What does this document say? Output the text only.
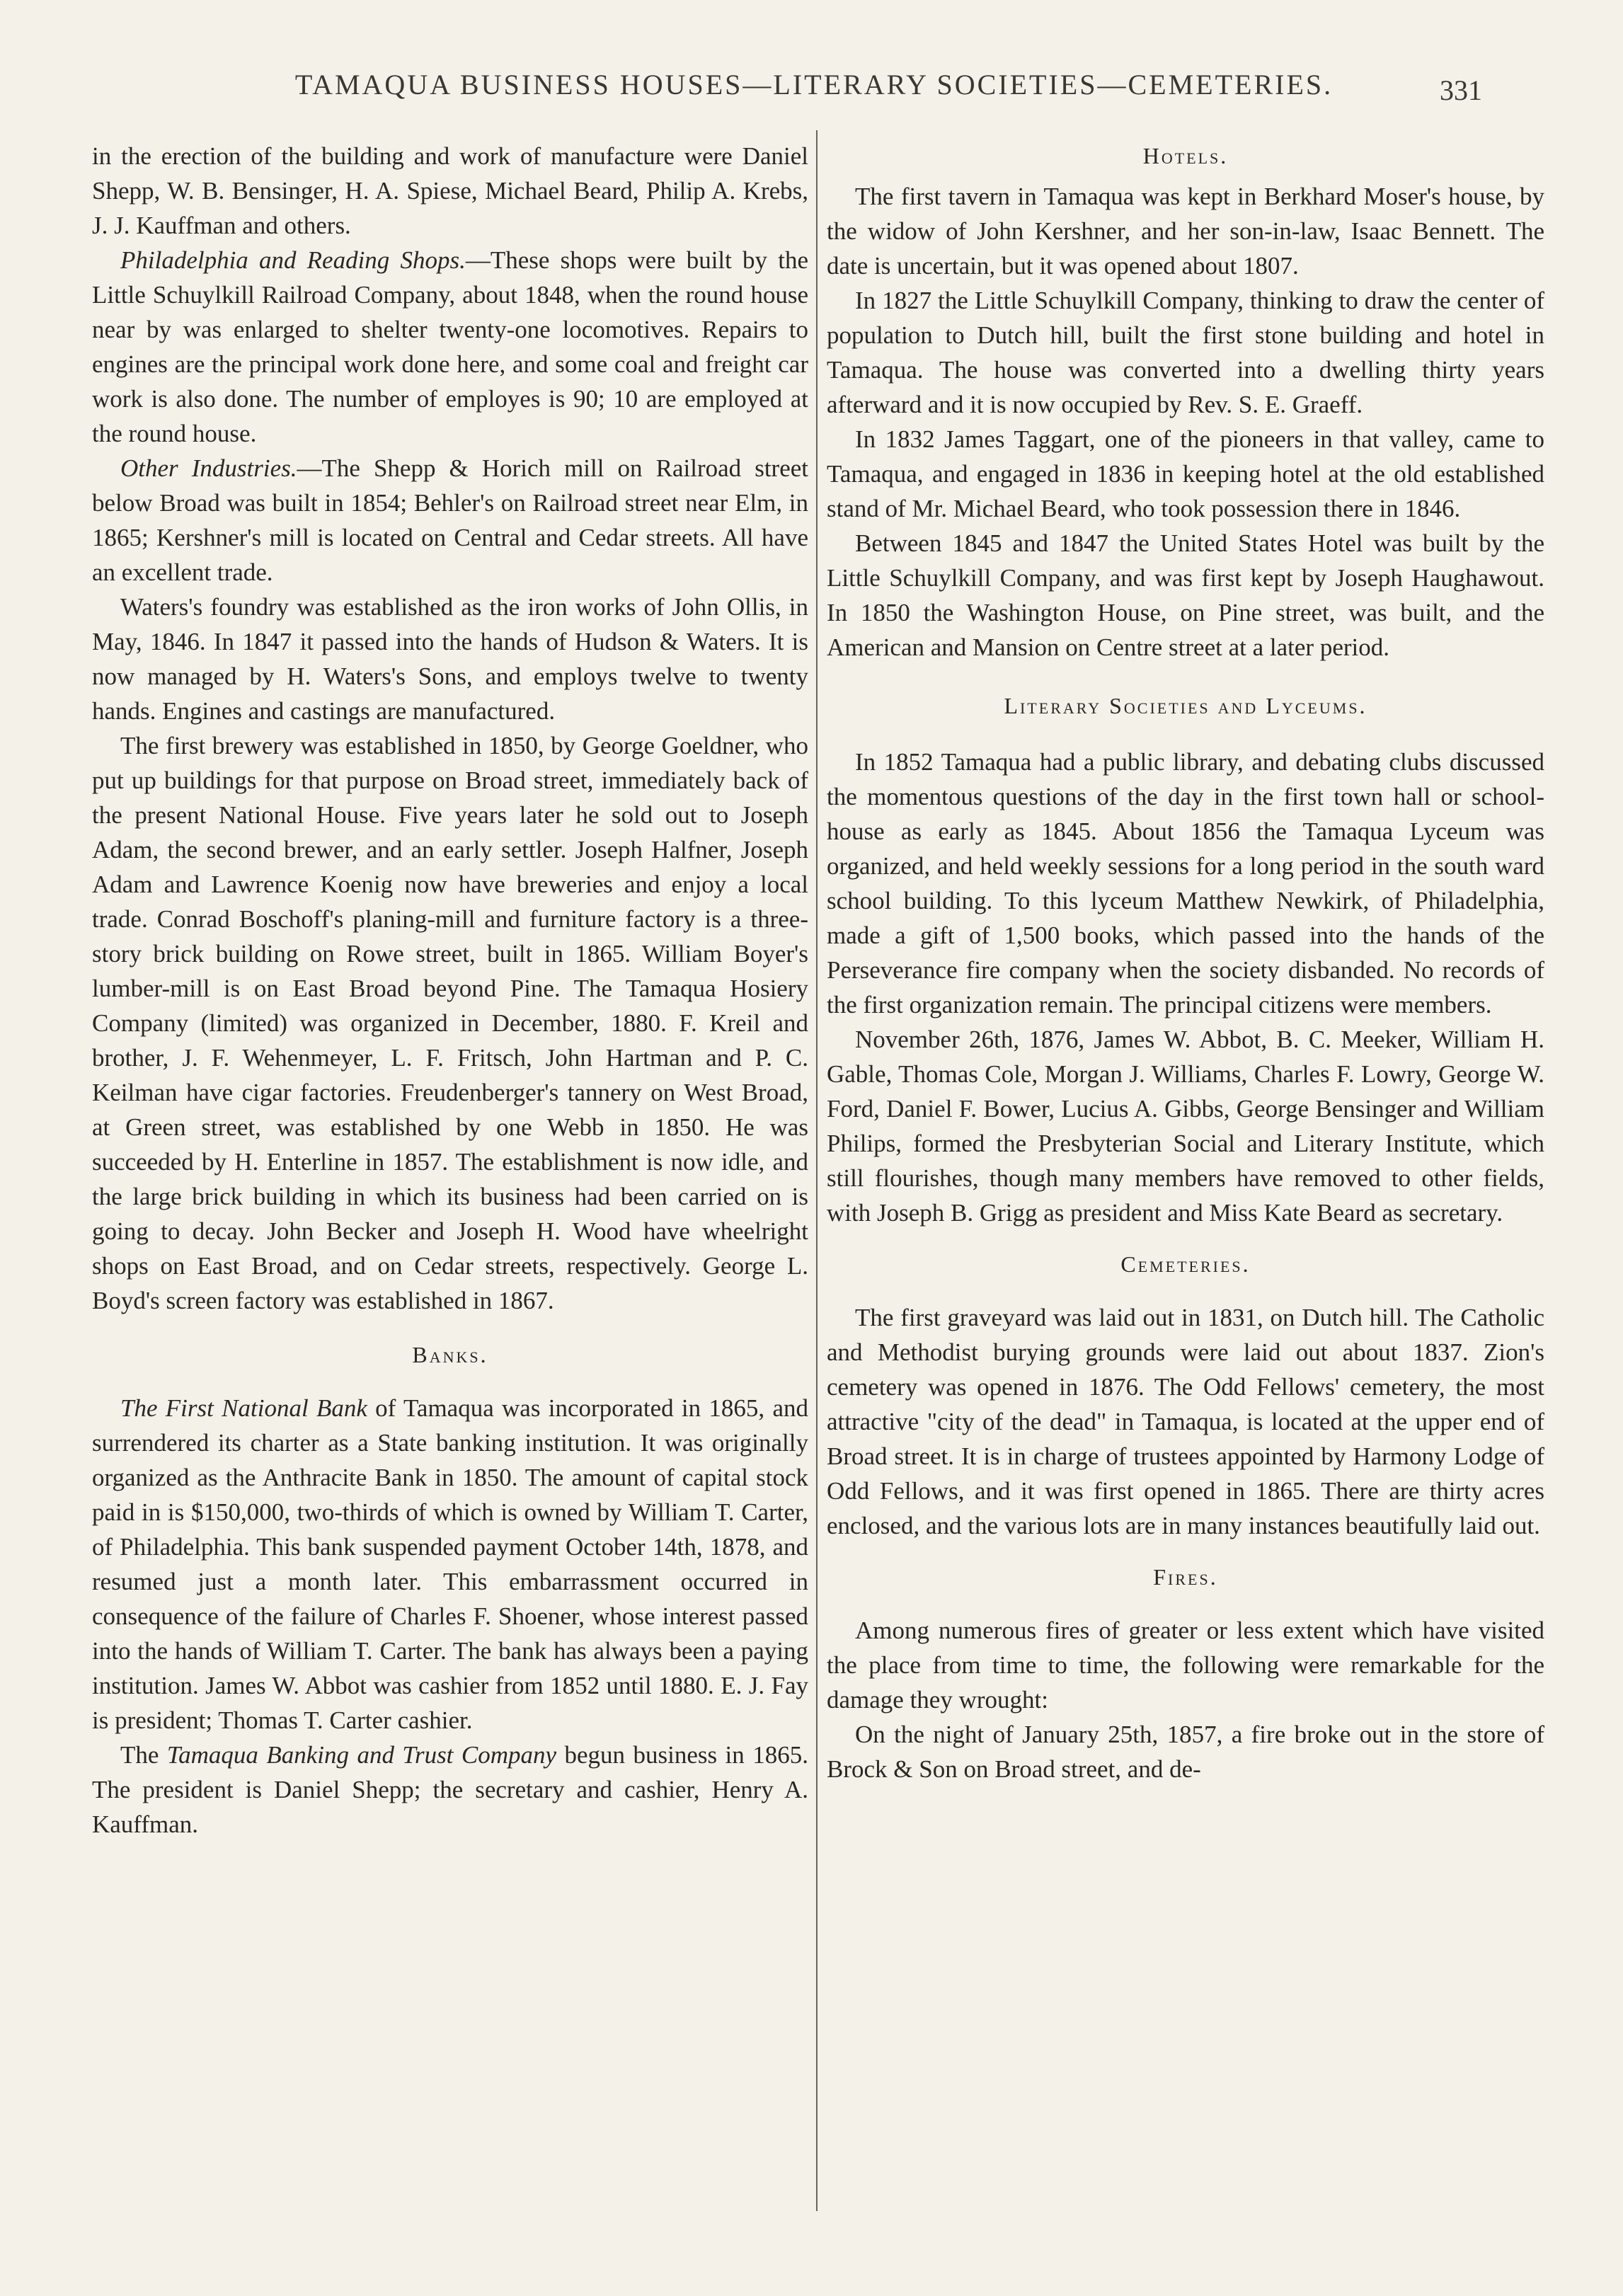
TAMAQUA BUSINESS HOUSES—LITERARY SOCIETIES—CEMETERIES.	331

in the erection of the building and work of manufacture were Daniel Shepp, W. B. Bensinger, H. A. Spiese, Michael Beard, Philip A. Krebs, J. J. Kauffman and others.

Philadelphia and Reading Shops.—These shops were built by the Little Schuylkill Railroad Company, about 1848, when the round house near by was enlarged to shelter twenty-one locomotives. Repairs to engines are the principal work done here, and some coal and freight car work is also done. The number of employes is 90; 10 are employed at the round house.

Other Industries.—The Shepp & Horich mill on Railroad street below Broad was built in 1854; Behler's on Railroad street near Elm, in 1865; Kershner's mill is located on Central and Cedar streets. All have an excellent trade.

Waters's foundry was established as the iron works of John Ollis, in May, 1846. In 1847 it passed into the hands of Hudson & Waters. It is now managed by H. Waters's Sons, and employs twelve to twenty hands. Engines and castings are manufactured.

The first brewery was established in 1850, by George Goeldner, who put up buildings for that purpose on Broad street, immediately back of the present National House. Five years later he sold out to Joseph Adam, the second brewer, and an early settler. Joseph Halfner, Joseph Adam and Lawrence Koenig now have breweries and enjoy a local trade. Conrad Boschoff's planing-mill and furniture factory is a three-story brick building on Rowe street, built in 1865. William Boyer's lumber-mill is on East Broad beyond Pine. The Tamaqua Hosiery Company (limited) was organized in December, 1880. F. Kreil and brother, J. F. Wehenmeyer, L. F. Fritsch, John Hartman and P. C. Keilman have cigar factories. Freudenberger's tannery on West Broad, at Green street, was established by one Webb in 1850. He was succeeded by H. Enterline in 1857. The establishment is now idle, and the large brick building in which its business had been carried on is going to decay. John Becker and Joseph H. Wood have wheelright shops on East Broad, and on Cedar streets, respectively. George L. Boyd's screen factory was established in 1867.

Banks.

The First National Bank of Tamaqua was incorporated in 1865, and surrendered its charter as a State banking institution. It was originally organized as the Anthracite Bank in 1850. The amount of capital stock paid in is $150,000, two-thirds of which is owned by William T. Carter, of Philadelphia. This bank suspended payment October 14th, 1878, and resumed just a month later. This embarrassment occurred in consequence of the failure of Charles F. Shoener, whose interest passed into the hands of William T. Carter. The bank has always been a paying institution. James W. Abbot was cashier from 1852 until 1880. E. J. Fay is president; Thomas T. Carter cashier.

The Tamaqua Banking and Trust Company begun business in 1865. The president is Daniel Shepp; the secretary and cashier, Henry A. Kauffman.

Hotels.

The first tavern in Tamaqua was kept in Berkhard Moser's house, by the widow of John Kershner, and her son-in-law, Isaac Bennett. The date is uncertain, but it was opened about 1807.

In 1827 the Little Schuylkill Company, thinking to draw the center of population to Dutch hill, built the first stone building and hotel in Tamaqua. The house was converted into a dwelling thirty years afterward and it is now occupied by Rev. S. E. Graeff.

In 1832 James Taggart, one of the pioneers in that valley, came to Tamaqua, and engaged in 1836 in keeping hotel at the old established stand of Mr. Michael Beard, who took possession there in 1846.

Between 1845 and 1847 the United States Hotel was built by the Little Schuylkill Company, and was first kept by Joseph Haughawout. In 1850 the Washington House, on Pine street, was built, and the American and Mansion on Centre street at a later period.

Literary Societies and Lyceums.

In 1852 Tamaqua had a public library, and debating clubs discussed the momentous questions of the day in the first town hall or school-house as early as 1845. About 1856 the Tamaqua Lyceum was organized, and held weekly sessions for a long period in the south ward school building. To this lyceum Matthew Newkirk, of Philadelphia, made a gift of 1,500 books, which passed into the hands of the Perseverance fire company when the society disbanded. No records of the first organization remain. The principal citizens were members.

November 26th, 1876, James W. Abbot, B. C. Meeker, William H. Gable, Thomas Cole, Morgan J. Williams, Charles F. Lowry, George W. Ford, Daniel F. Bower, Lucius A. Gibbs, George Bensinger and William Philips, formed the Presbyterian Social and Literary Institute, which still flourishes, though many members have removed to other fields, with Joseph B. Grigg as president and Miss Kate Beard as secretary.

Cemeteries.

The first graveyard was laid out in 1831, on Dutch hill. The Catholic and Methodist burying grounds were laid out about 1837. Zion's cemetery was opened in 1876. The Odd Fellows' cemetery, the most attractive "city of the dead" in Tamaqua, is located at the upper end of Broad street. It is in charge of trustees appointed by Harmony Lodge of Odd Fellows, and it was first opened in 1865. There are thirty acres enclosed, and the various lots are in many instances beautifully laid out.

Fires.

Among numerous fires of greater or less extent which have visited the place from time to time, the following were remarkable for the damage they wrought:

On the night of January 25th, 1857, a fire broke out in the store of Brock & Son on Broad street, and de-
